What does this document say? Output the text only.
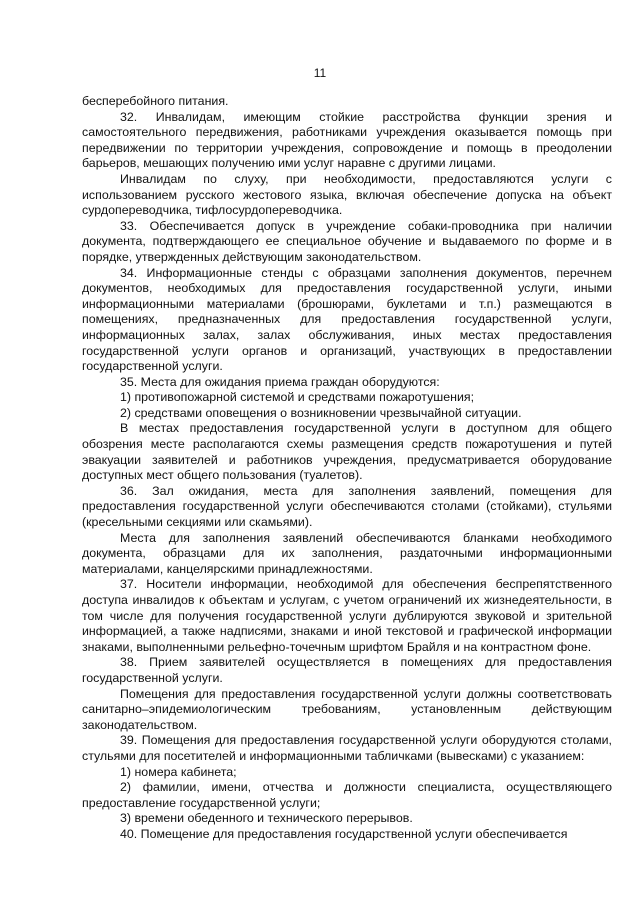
11

бесперебойного питания.

32. Инвалидам, имеющим стойкие расстройства функции зрения и самостоятельного передвижения, работниками учреждения оказывается помощь при передвижении по территории учреждения, сопровождение и помощь в преодолении барьеров, мешающих получению ими услуг наравне с другими лицами.

Инвалидам по слуху, при необходимости, предоставляются услуги с использованием русского жестового языка, включая обеспечение допуска на объект сурдопереводчика, тифлосурдопереводчика.

33. Обеспечивается допуск в учреждение собаки-проводника при наличии документа, подтверждающего ее специальное обучение и выдаваемого по форме и в порядке, утвержденных действующим законодательством.

34. Информационные стенды с образцами заполнения документов, перечнем документов, необходимых для предоставления государственной услуги, иными информационными материалами (брошюрами, буклетами и т.п.) размещаются в помещениях, предназначенных для предоставления государственной услуги, информационных залах, залах обслуживания, иных местах предоставления государственной услуги органов и организаций, участвующих в предоставлении государственной услуги.

35. Места для ожидания приема граждан оборудуются:

1) противопожарной системой и средствами пожаротушения;

2) средствами оповещения о возникновении чрезвычайной ситуации.

В местах предоставления государственной услуги в доступном для общего обозрения месте располагаются схемы размещения средств пожаротушения и путей эвакуации заявителей и работников учреждения, предусматривается оборудование доступных мест общего пользования (туалетов).

36. Зал ожидания, места для заполнения заявлений, помещения для предоставления государственной услуги обеспечиваются столами (стойками), стульями (кресельными секциями или скамьями).

Места для заполнения заявлений обеспечиваются бланками необходимого документа, образцами для их заполнения, раздаточными информационными материалами, канцелярскими принадлежностями.

37. Носители информации, необходимой для обеспечения беспрепятственного доступа инвалидов к объектам и услугам, с учетом ограничений их жизнедеятельности, в том числе для получения государственной услуги дублируются звуковой и зрительной информацией, а также надписями, знаками и иной текстовой и графической информации знаками, выполненными рельефно-точечным шрифтом Брайля и на контрастном фоне.

38. Прием заявителей осуществляется в помещениях для предоставления государственной услуги.

Помещения для предоставления государственной услуги должны соответствовать санитарно–эпидемиологическим требованиям, установленным действующим законодательством.

39. Помещения для предоставления государственной услуги оборудуются столами, стульями для посетителей и информационными табличками (вывесками) с указанием:

1) номера кабинета;

2) фамилии, имени, отчества и должности специалиста, осуществляющего предоставление государственной услуги;

3) времени обеденного и технического перерывов.

40. Помещение для предоставления государственной услуги обеспечивается
